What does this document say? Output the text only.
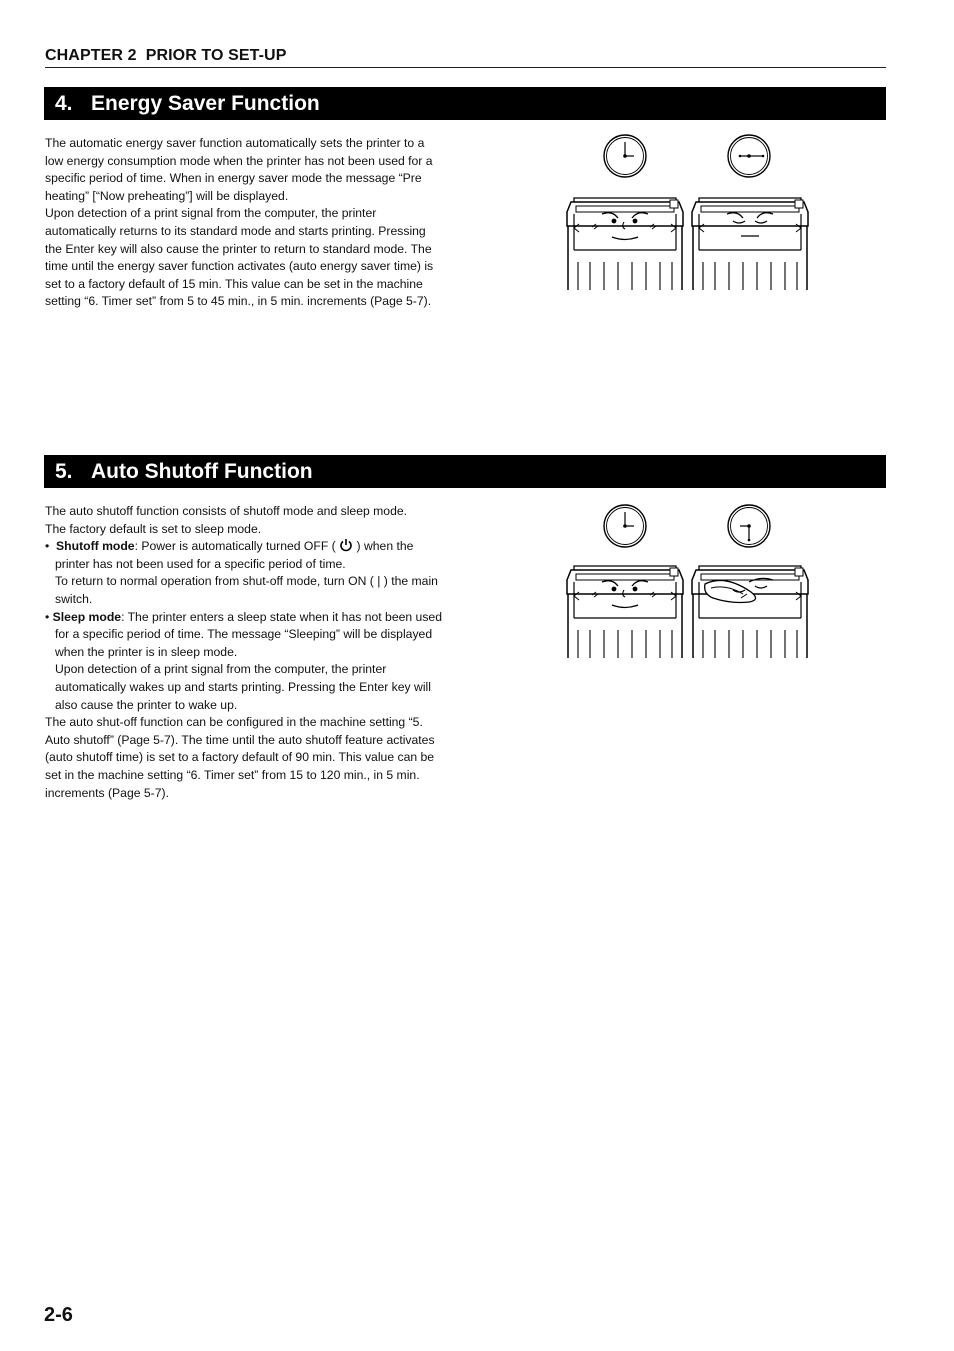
CHAPTER 2 PRIOR TO SET-UP
4. Energy Saver Function

The automatic energy saver function automatically sets the printer to a low energy consumption mode when the printer has not been used for a specific period of time. When in energy saver mode the message “Pre heating” [“Now preheating”] will be displayed.

Upon detection of a print signal from the computer, the printer automatically returns to its standard mode and starts printing. Pressing the Enter key will also cause the printer to return to standard mode. The time until the energy saver function activates (auto energy saver time) is set to a factory default of 15 min. This value can be set in the machine setting “6. Timer set” from 5 to 45 min., in 5 min. increments (Page 5-7).

5. Auto Shutoff Function

The auto shutoff function consists of shutoff mode and sleep mode.

The factory default is set to sleep mode.

•  Shutoff mode: Power is automatically turned OFF ( ) when the printer has not been used for a specific period of time.

To return to normal operation from shut-off mode, turn ON ( | ) the main switch.

• Sleep mode: The printer enters a sleep state when it has not been used for a specific period of time. The message “Sleeping” will be displayed when the printer is in sleep mode.

Upon detection of a print signal from the computer, the printer automatically wakes up and starts printing. Pressing the Enter key will also cause the printer to wake up.

The auto shut-off function can be configured in the machine setting “5. Auto shutoff” (Page 5-7). The time until the auto shutoff feature activates (auto shutoff time) is set to a factory default of 90 min. This value can be set in the machine setting “6. Timer set” from 15 to 120 min., in 5 min. increments (Page 5-7).

2-6
